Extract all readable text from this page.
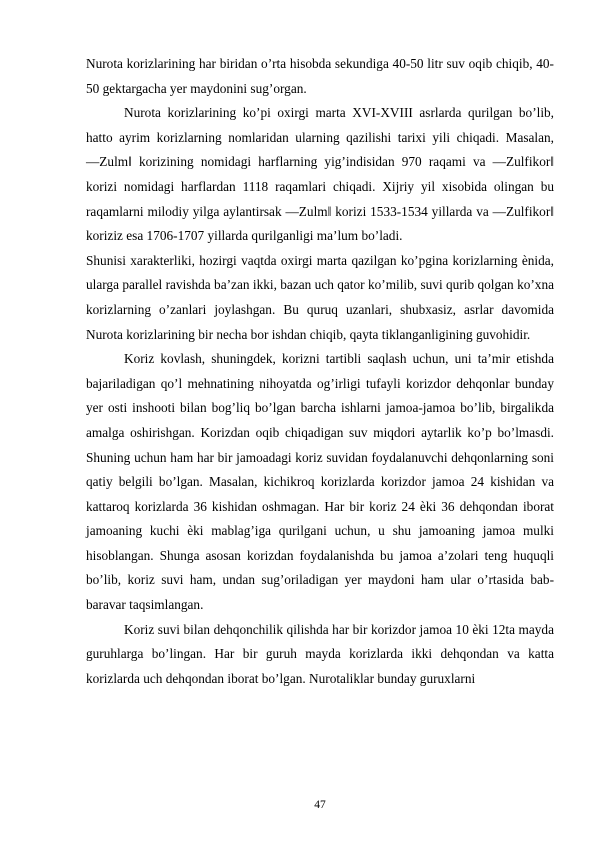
Nurota korizlarining har biridan o’rta hisobda sekundiga 40-50 litr suv oqib chiqib, 40-50 gektargacha yer maydonini sug’organ.

Nurota korizlarining ko’pi oxirgi marta XVI-XVIII asrlarda qurilgan bo’lib, hatto ayrim korizlarning nomlaridan ularning qazilishi tarixi yili chiqadi. Masalan, ―Zulm‖ korizining nomidagi harflarning yig’indisidan 970 raqami va ―Zulfikor‖ korizi nomidagi harflardan 1118 raqamlari chiqadi. Xijriy yil xisobida olingan bu raqamlarni milodiy yilga aylantirsak ―Zulm‖ korizi 1533-1534 yillarda va ―Zulfikor‖ koriziz esa 1706-1707 yillarda qurilganligi ma’lum bo’ladi.

Shunisi xarakterliki, hozirgi vaqtda oxirgi marta qazilgan ko’pgina korizlarning ѐnida, ularga parallel ravishda ba’zan ikki, bazan uch qator ko’milib, suvi qurib qolgan ko’xna korizlarning o’zanlari joylashgan. Bu quruq uzanlari, shubxasiz, asrlar davomida Nurota korizlarining bir necha bor ishdan chiqib, qayta tiklanganligining guvohidir.

Koriz kovlash, shuningdek, korizni tartibli saqlash uchun, uni ta’mir etishda bajariladigan qo’l mehnatining nihoyatda og’irligi tufayli korizdor dehqonlar bunday yer osti inshooti bilan bog’liq bo’lgan barcha ishlarni jamoa-jamoa bo’lib, birgalikda amalga oshirishgan. Korizdan oqib chiqadigan suv miqdori aytarlik ko’p bo’lmasdi. Shuning uchun ham har bir jamoadagi koriz suvidan foydalanuvchi dehqonlarning soni qatiy belgili bo’lgan. Masalan, kichikroq korizlarda korizdor jamoa 24 kishidan va kattaroq korizlarda 36 kishidan oshmagan. Har bir koriz 24 ѐki 36 dehqondan iborat jamoaning kuchi ѐki mablag’iga qurilgani uchun, u shu jamoaning jamoa mulki hisoblangan. Shunga asosan korizdan foydalanishda bu jamoa a’zolari teng huquqli bo’lib, koriz suvi ham, undan sug’oriladigan yer maydoni ham ular o’rtasida bab-baravar taqsimlangan.

Koriz suvi bilan dehqonchilik qilishda har bir korizdor jamoa 10 ѐki 12ta mayda guruhlarga bo’lingan. Har bir guruh mayda korizlarda ikki dehqondan va katta korizlarda uch dehqondan iborat bo’lgan. Nurotaliklar bunday guruxlarni

47
